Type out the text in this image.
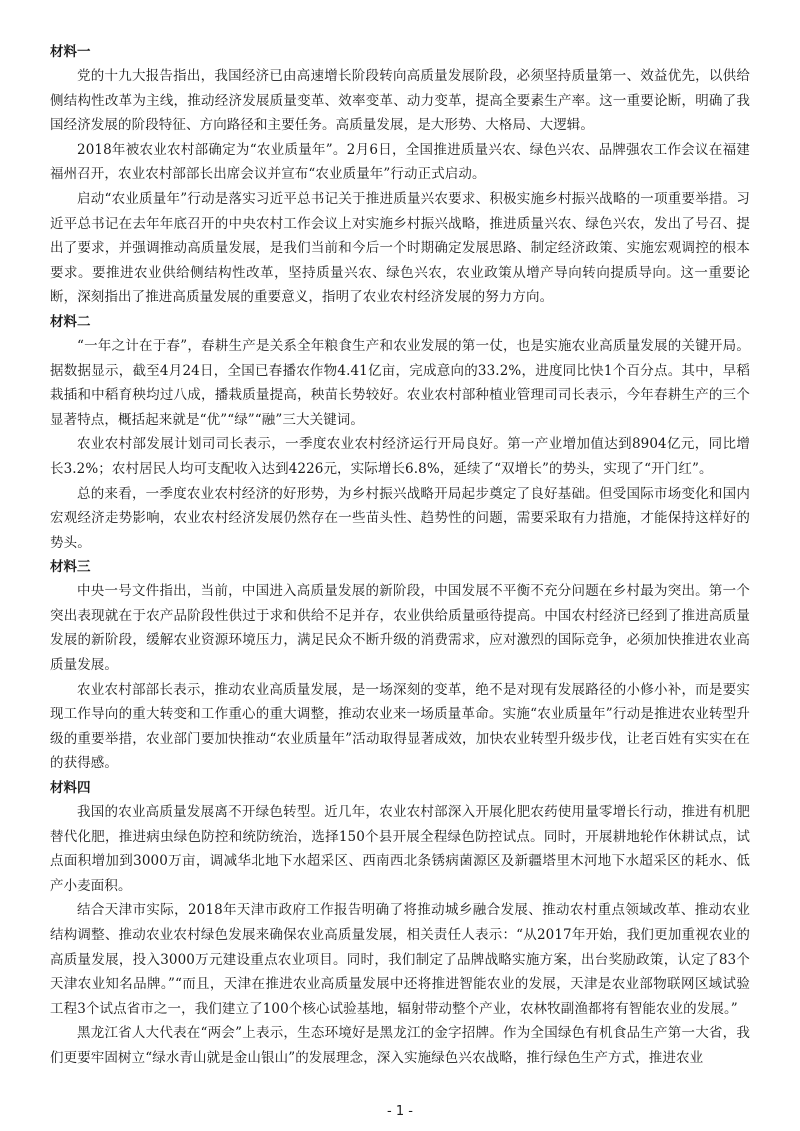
材料一

党的十九大报告指出，我国经济已由高速增长阶段转向高质量发展阶段，必须坚持质量第一、效益优先，以供给侧结构性改革为主线，推动经济发展质量变革、效率变革、动力变革，提高全要素生产率。这一重要论断，明确了我国经济发展的阶段特征、方向路径和主要任务。高质量发展，是大形势、大格局、大逻辑。

2018年被农业农村部确定为“农业质量年”。2月6日，全国推进质量兴农、绿色兴农、品牌强农工作会议在福建福州召开，农业农村部部长出席会议并宣布“农业质量年”行动正式启动。

启动“农业质量年”行动是落实习近平总书记关于推进质量兴农要求、积极实施乡村振兴战略的一项重要举措。习近平总书记在去年年底召开的中央农村工作会议上对实施乡村振兴战略，推进质量兴农、绿色兴农，发出了号召、提出了要求，并强调推动高质量发展，是我们当前和今后一个时期确定发展思路、制定经济政策、实施宏观调控的根本要求。要推进农业供给侧结构性改革，坚持质量兴农、绿色兴农，农业政策从增产导向转向提质导向。这一重要论断，深刻指出了推进高质量发展的重要意义，指明了农业农村经济发展的努力方向。

材料二

“一年之计在于春”，春耕生产是关系全年粮食生产和农业发展的第一仗，也是实施农业高质量发展的关键开局。据数据显示，截至4月24日，全国已春播农作物4.41亿亩，完成意向的33.2%，进度同比快1个百分点。其中，早稻栽插和中稻育秧均过八成，播栽质量提高，秧苗长势较好。农业农村部种植业管理司司长表示，今年春耕生产的三个显著特点，概括起来就是“优”“绿”“融”三大关键词。

农业农村部发展计划司司长表示，一季度农业农村经济运行开局良好。第一产业增加值达到8904亿元，同比增长3.2%；农村居民人均可支配收入达到4226元，实际增长6.8%，延续了“双增长”的势头，实现了“开门红”。

总的来看，一季度农业农村经济的好形势，为乡村振兴战略开局起步奠定了良好基础。但受国际市场变化和国内宏观经济走势影响，农业农村经济发展仍然存在一些苗头性、趋势性的问题，需要采取有力措施，才能保持这样好的势头。

材料三

中央一号文件指出，当前，中国进入高质量发展的新阶段，中国发展不平衡不充分问题在乡村最为突出。第一个突出表现就在于农产品阶段性供过于求和供给不足并存，农业供给质量亟待提高。中国农村经济已经到了推进高质量发展的新阶段，缓解农业资源环境压力，满足民众不断升级的消费需求，应对激烈的国际竞争，必须加快推进农业高质量发展。

农业农村部部长表示，推动农业高质量发展，是一场深刻的变革，绝不是对现有发展路径的小修小补，而是要实现工作导向的重大转变和工作重心的重大调整，推动农业来一场质量革命。实施“农业质量年”行动是推进农业转型升级的重要举措，农业部门要加快推动“农业质量年”活动取得显著成效，加快农业转型升级步伐，让老百姓有实实在在的获得感。

材料四

我国的农业高质量发展离不开绿色转型。近几年，农业农村部深入开展化肥农药使用量零增长行动，推进有机肥替代化肥，推进病虫绿色防控和统防统治，选择150个县开展全程绿色防控试点。同时，开展耕地轮作休耕试点，试点面积增加到3000万亩，调减华北地下水超采区、西南西北条锈病菌源区及新疆塔里木河地下水超采区的耗水、低产小麦面积。

结合天津市实际，2018年天津市政府工作报告明确了将推动城乡融合发展、推动农村重点领域改革、推动农业结构调整、推动农业农村绿色发展来确保农业高质量发展，相关责任人表示：“从2017年开始，我们更加重视农业的高质量发展，投入3000万元建设重点农业项目。同时，我们制定了品牌战略实施方案，出台奖励政策，认定了83个天津农业知名品牌。”“而且，天津在推进农业高质量发展中还将推进智能农业的发展，天津是农业部物联网区域试验工程3个试点省市之一，我们建立了100个核心试验基地，辐射带动整个产业，农林牧副渔都将有智能农业的发展。”

黑龙江省人大代表在“两会”上表示，生态环境好是黑龙江的金字招牌。作为全国绿色有机食品生产第一大省，我们更要牢固树立“绿水青山就是金山银山”的发展理念，深入实施绿色兴农战略，推行绿色生产方式，推进农业

- 1 -
